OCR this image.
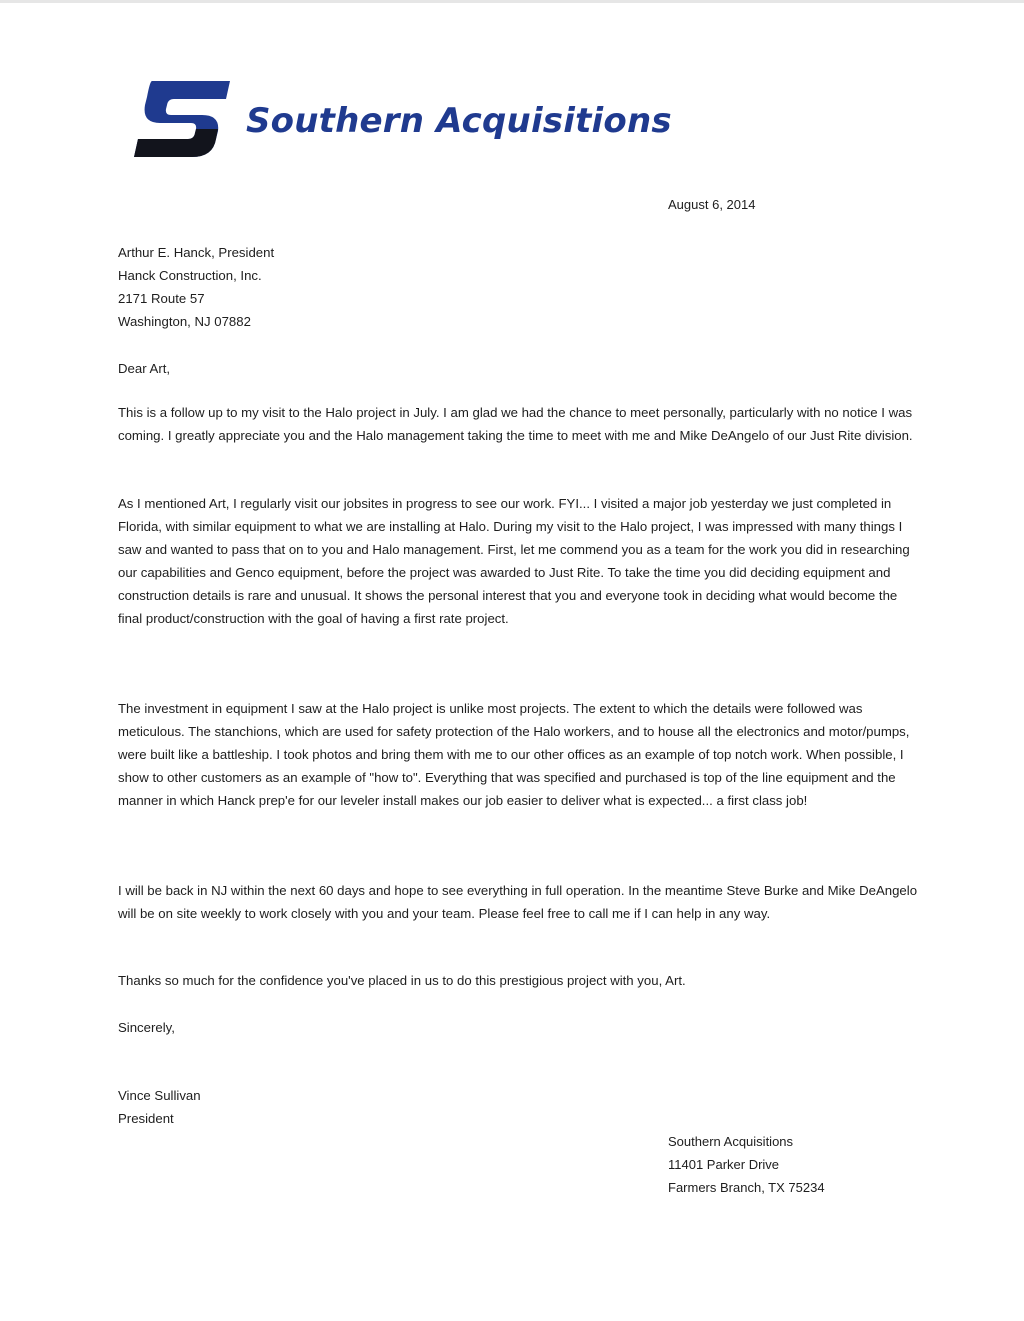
Southern Acquisitions
August 6, 2014
Arthur E. Hanck, President
Hanck Construction, Inc.
2171 Route 57
Washington, NJ 07882
Dear Art,

This is a follow up to my visit to the Halo project in July. I am glad we had the chance to meet personally, particularly with no notice I was coming. I greatly appreciate you and the Halo management taking the time to meet with me and Mike DeAngelo of our Just Rite division.

As I mentioned Art, I regularly visit our jobsites in progress to see our work. FYI... I visited a major job yesterday we just completed in Florida, with similar equipment to what we are installing at Halo. During my visit to the Halo project, I was impressed with many things I saw and wanted to pass that on to you and Halo management. First, let me commend you as a team for the work you did in researching our capabilities and Genco equipment, before the project was awarded to Just Rite. To take the time you did deciding equipment and construction details is rare and unusual. It shows the personal interest that you and everyone took in deciding what would become the final product/construction with the goal of having a first rate project.

The investment in equipment I saw at the Halo project is unlike most projects. The extent to which the details were followed was meticulous. The stanchions, which are used for safety protection of the Halo workers, and to house all the electronics and motor/pumps, were built like a battleship. I took photos and bring them with me to our other offices as an example of top notch work. When possible, I show to other customers as an example of "how to". Everything that was specified and purchased is top of the line equipment and the manner in which Hanck prep'e for our leveler install makes our job easier to deliver what is expected... a first class job!

I will be back in NJ within the next 60 days and hope to see everything in full operation. In the meantime Steve Burke and Mike DeAngelo will be on site weekly to work closely with you and your team. Please feel free to call me if I can help in any way.

Thanks so much for the confidence you've placed in us to do this prestigious project with you, Art.

Sincerely,
Vince Sullivan
President
Southern Acquisitions
11401 Parker Drive
Farmers Branch, TX 75234
